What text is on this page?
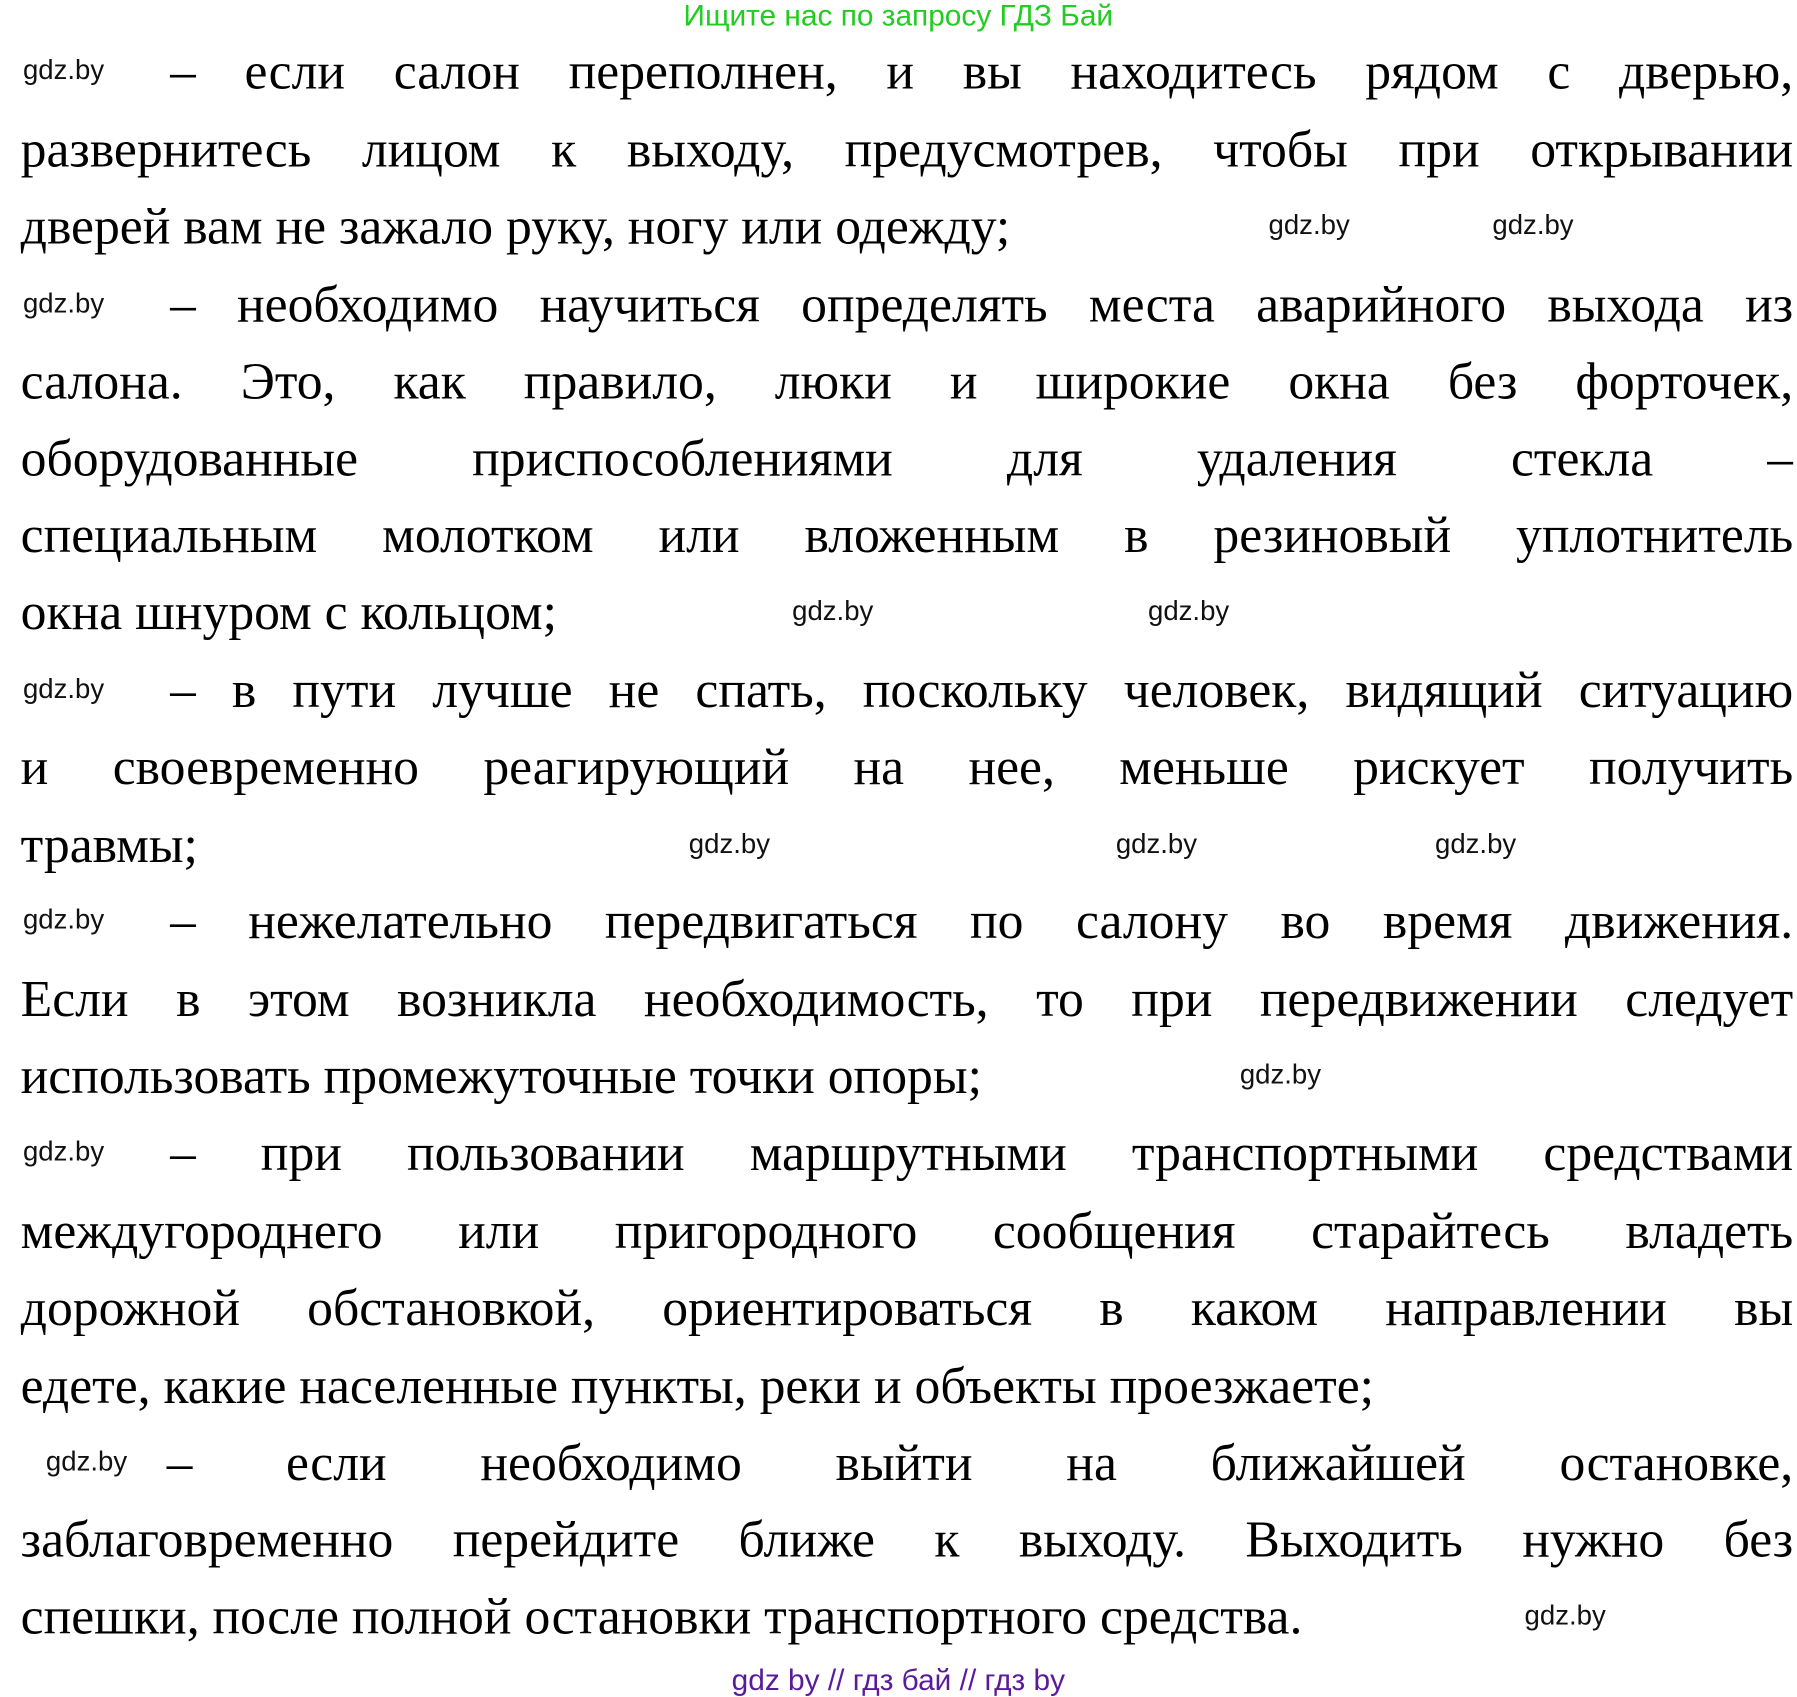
Ищите нас по запросу ГДЗ Бай
– если салон переполнен, и вы находитесь рядом с дверью,
развернитесь лицом к выходу, предусмотрев, чтобы при открывании
дверей вам не зажало руку, ногу или одежду;
– необходимо научиться определять места аварийного выхода из
салона. Это, как правило, люки и широкие окна без форточек,
оборудованные приспособлениями для удаления стекла –
специальным молотком или вложенным в резиновый уплотнитель
окна шнуром с кольцом;
– в пути лучше не спать, поскольку человек, видящий ситуацию
и своевременно реагирующий на нее, меньше рискует получить
травмы;
– нежелательно передвигаться по салону во время движения.
Если в этом возникла необходимость, то при передвижении следует
использовать промежуточные точки опоры;
– при пользовании маршрутными транспортными средствами
междугороднего или пригородного сообщения старайтесь владеть
дорожной обстановкой, ориентироваться в каком направлении вы
едете, какие населенные пункты, реки и объекты проезжаете;
– если необходимо выйти на ближайшей остановке,
заблаговременно перейдите ближе к выходу. Выходить нужно без
спешки, после полной остановки транспортного средства.
gdz.by
gdz.by	gdz.by
gdz.by
gdz.by	gdz.by
gdz.by
gdz.by	gdz.by	gdz.by
gdz.by
gdz.by
gdz.by
gdz.by
gdz.by
gdz by // гдз бай // гдз by
